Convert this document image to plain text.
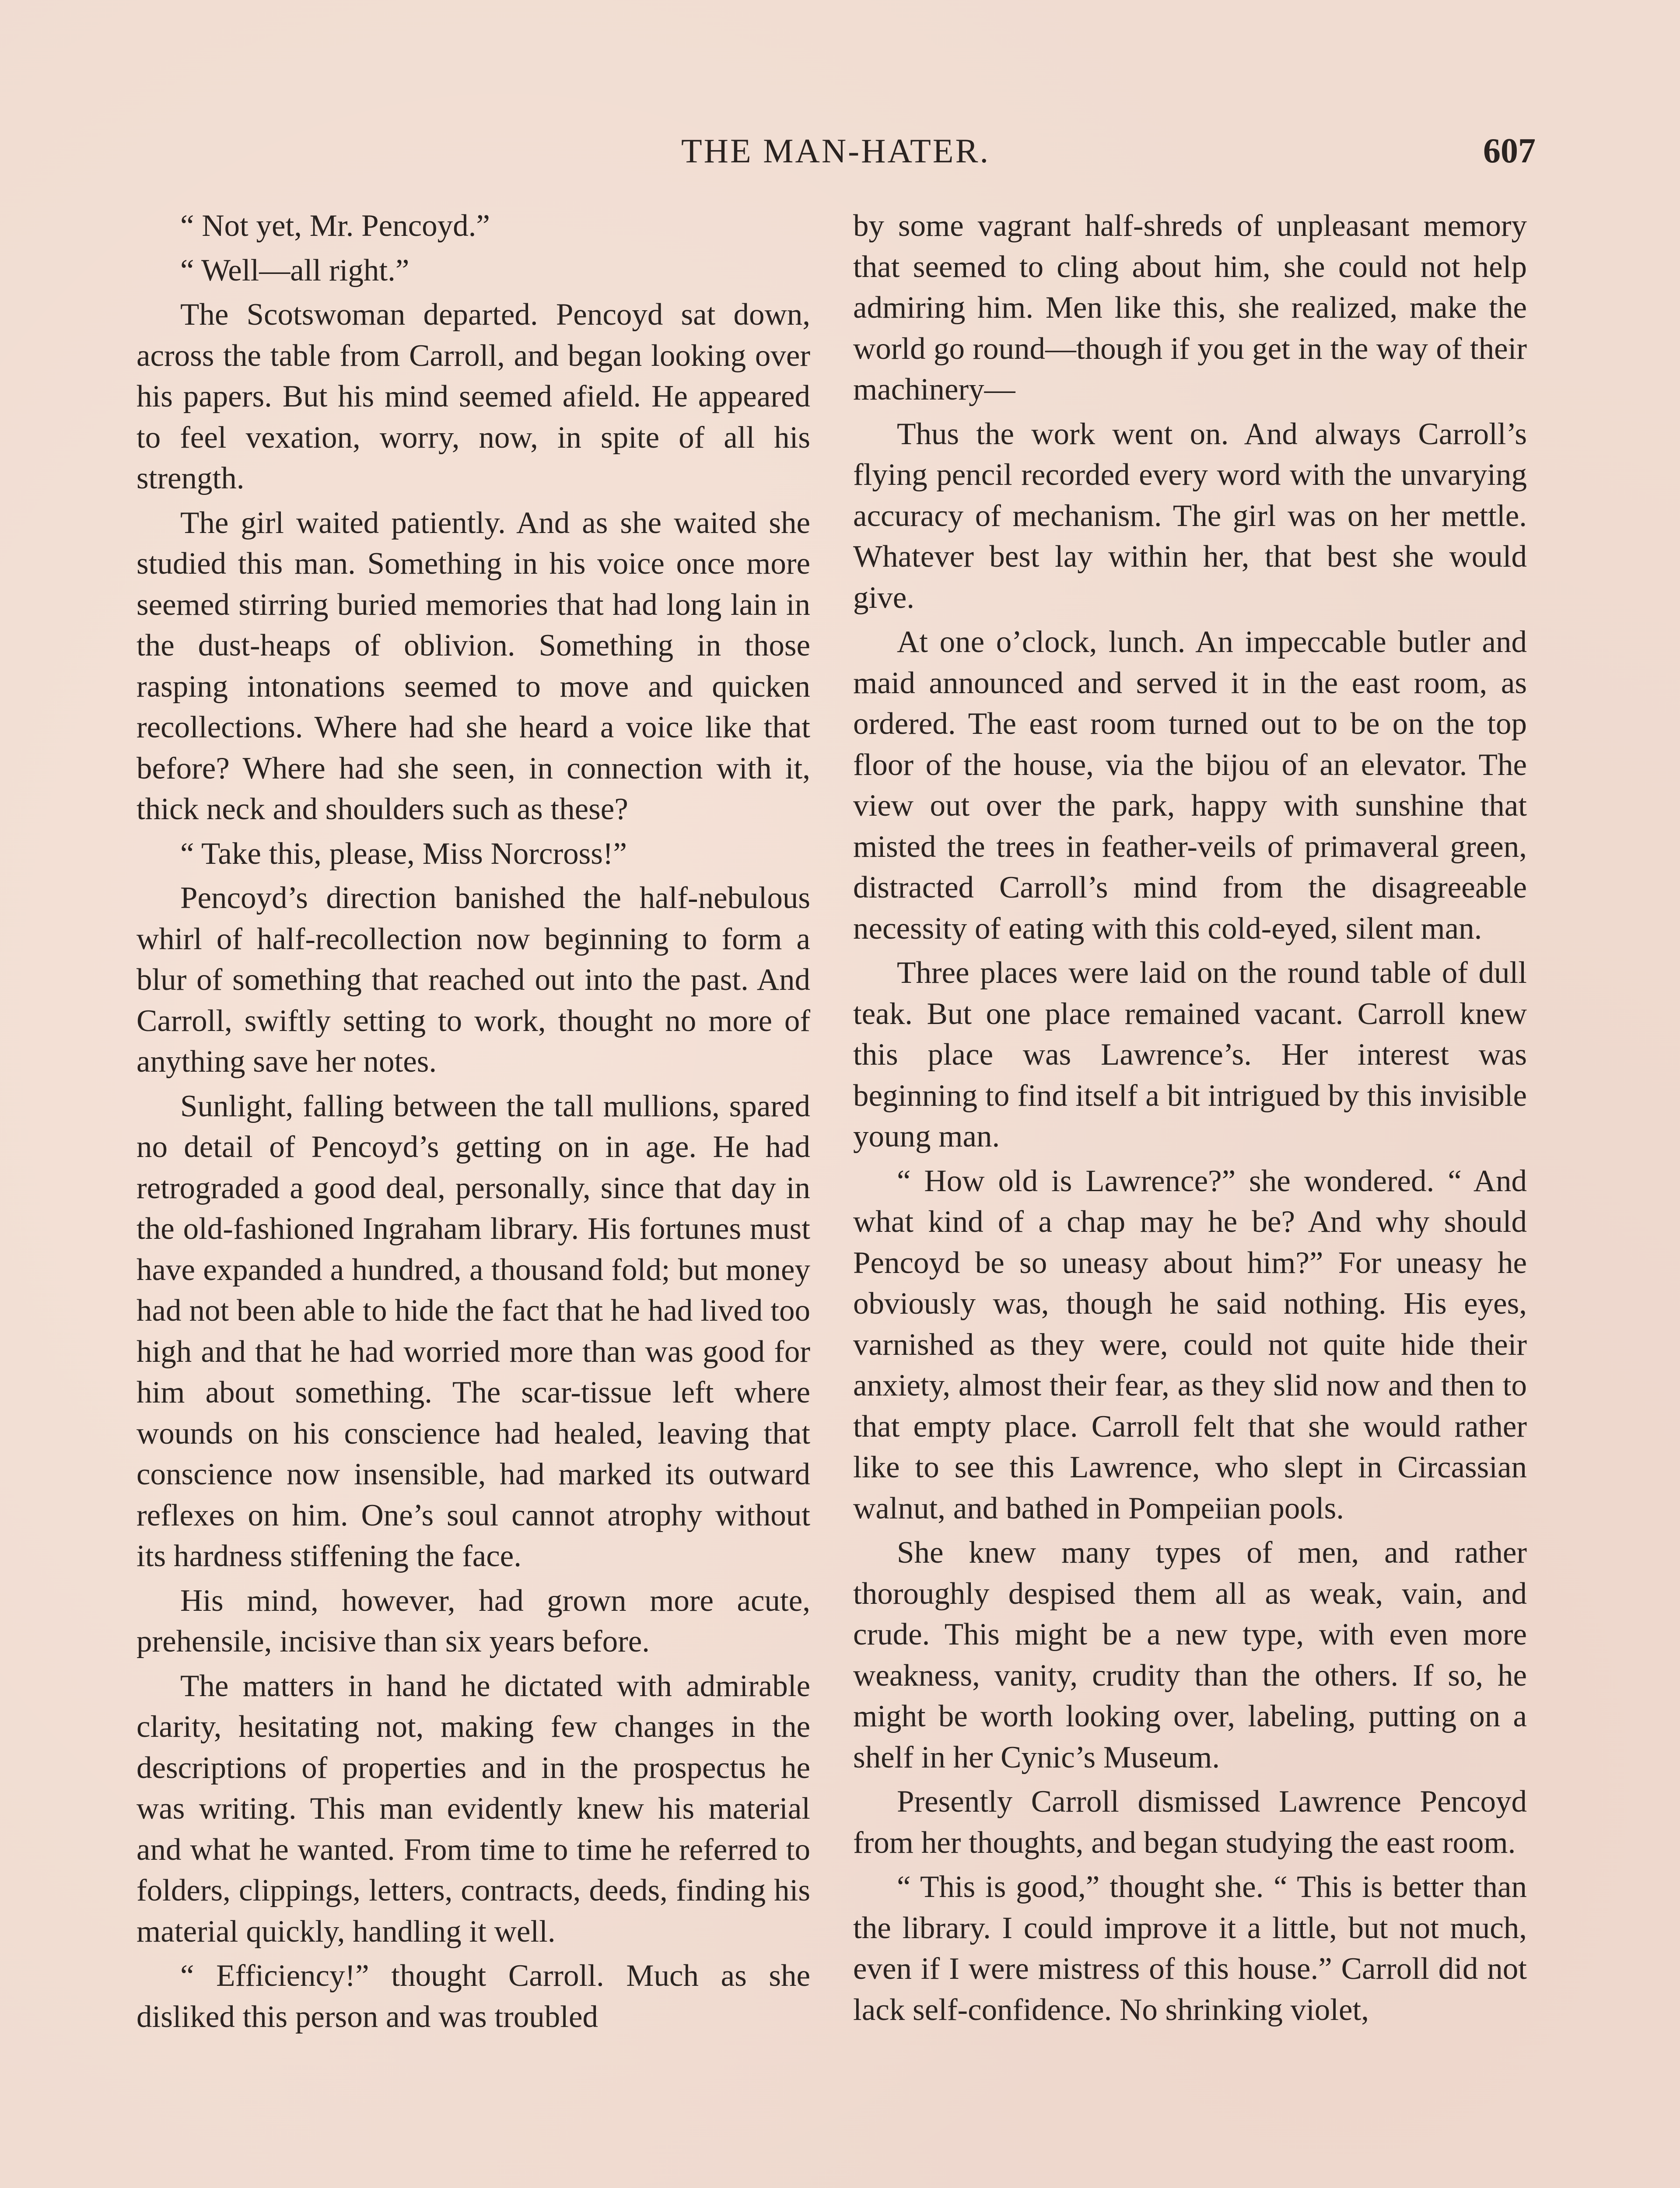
THE MAN-HATER.	607

“ Not yet, Mr. Pencoyd.”

“ Well—all right.”

The Scotswoman departed. Pencoyd sat down, across the table from Carroll, and began looking over his papers. But his mind seemed afield. He appeared to feel vexation, worry, now, in spite of all his strength.

The girl waited patiently. And as she waited she studied this man. Something in his voice once more seemed stirring buried memories that had long lain in the dust-heaps of oblivion. Something in those rasping intonations seemed to move and quicken recollections. Where had she heard a voice like that before? Where had she seen, in connection with it, thick neck and shoulders such as these?

“ Take this, please, Miss Norcross!”

Pencoyd’s direction banished the half-nebulous whirl of half-recollection now beginning to form a blur of something that reached out into the past. And Carroll, swiftly setting to work, thought no more of anything save her notes.

Sunlight, falling between the tall mullions, spared no detail of Pencoyd’s getting on in age. He had retrograded a good deal, personally, since that day in the old-fashioned Ingraham library. His fortunes must have expanded a hundred, a thousand fold; but money had not been able to hide the fact that he had lived too high and that he had worried more than was good for him about something. The scar-tissue left where wounds on his conscience had healed, leaving that conscience now insensible, had marked its outward reflexes on him. One’s soul cannot atrophy without its hardness stiffening the face.

His mind, however, had grown more acute, prehensile, incisive than six years before.

The matters in hand he dictated with admirable clarity, hesitating not, making few changes in the descriptions of properties and in the prospectus he was writing. This man evidently knew his material and what he wanted. From time to time he referred to folders, clippings, letters, contracts, deeds, finding his material quickly, handling it well.

“ Efficiency!” thought Carroll. Much as she disliked this person and was troubled

by some vagrant half-shreds of unpleasant memory that seemed to cling about him, she could not help admiring him. Men like this, she realized, make the world go round—though if you get in the way of their machinery—

Thus the work went on. And always Carroll’s flying pencil recorded every word with the unvarying accuracy of mechanism. The girl was on her mettle. Whatever best lay within her, that best she would give.

At one o’clock, lunch. An impeccable butler and maid announced and served it in the east room, as ordered. The east room turned out to be on the top floor of the house, via the bijou of an elevator. The view out over the park, happy with sunshine that misted the trees in feather-veils of primaveral green, distracted Carroll’s mind from the disagreeable necessity of eating with this cold-eyed, silent man.

Three places were laid on the round table of dull teak. But one place remained vacant. Carroll knew this place was Lawrence’s. Her interest was beginning to find itself a bit intrigued by this invisible young man.

“ How old is Lawrence?” she wondered. “ And what kind of a chap may he be? And why should Pencoyd be so uneasy about him?” For uneasy he obviously was, though he said nothing. His eyes, varnished as they were, could not quite hide their anxiety, almost their fear, as they slid now and then to that empty place. Carroll felt that she would rather like to see this Lawrence, who slept in Circassian walnut, and bathed in Pompeiian pools.

She knew many types of men, and rather thoroughly despised them all as weak, vain, and crude. This might be a new type, with even more weakness, vanity, crudity than the others. If so, he might be worth looking over, labeling, putting on a shelf in her Cynic’s Museum.

Presently Carroll dismissed Lawrence Pencoyd from her thoughts, and began studying the east room.

“ This is good,” thought she. “ This is better than the library. I could improve it a little, but not much, even if I were mistress of this house.” Carroll did not lack self-confidence. No shrinking violet,
